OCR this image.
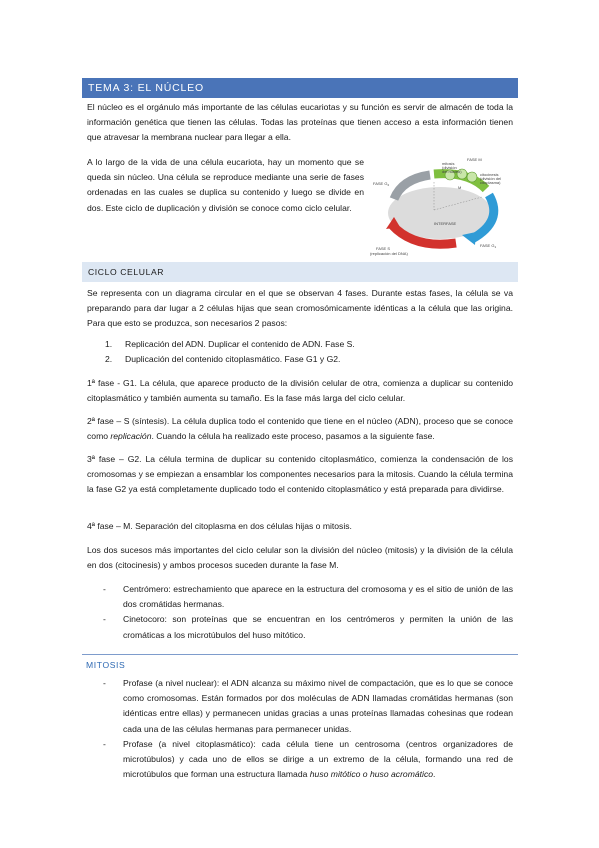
TEMA 3: EL NÚCLEO

El núcleo es el orgánulo más importante de las células eucariotas y su función es servir de almacén de toda la información genética que tienen las células. Todas las proteínas que tienen acceso a esta información tienen que atravesar la membrana nuclear para llegar a ella.

A lo largo de la vida de una célula eucariota, hay un momento que se queda sin núcleo. Una célula se reproduce mediante una serie de fases ordenadas en las cuales se duplica su contenido y luego se divide en dos. Este ciclo de duplicación y división se conoce como ciclo celular.

M
FASE M
mitosis
(división
del núcleo)
citocinesis
(división del
citoplasma)
FASE $G_2$
FASE $G_1$
INTERFASE
FASE S
(replicación del DNA)
CICLO CELULAR

Se representa con un diagrama circular en el que se observan 4 fases. Durante estas fases, la célula se va preparando para dar lugar a 2 células hijas que sean cromosómicamente idénticas a la célula que las origina. Para que esto se produzca, son necesarios 2 pasos:

1. Replicación del ADN. Duplicar el contenido de ADN. Fase S.
2. Duplicación del contenido citoplasmático. Fase G1 y G2.

1ª fase - G1. La célula, que aparece producto de la división celular de otra, comienza a duplicar su contenido citoplasmático y también aumenta su tamaño. Es la fase más larga del ciclo celular.

2ª fase – S (síntesis). La célula duplica todo el contenido que tiene en el núcleo (ADN), proceso que se conoce como replicación. Cuando la célula ha realizado este proceso, pasamos a la siguiente fase.

3ª fase – G2. La célula termina de duplicar su contenido citoplasmático, comienza la condensación de los cromosomas y se empiezan a ensamblar los componentes necesarios para la mitosis. Cuando la célula termina la fase G2 ya está completamente duplicado todo el contenido citoplasmático y está preparada para dividirse.

4ª fase – M. Separación del citoplasma en dos células hijas o mitosis.

Los dos sucesos más importantes del ciclo celular son la división del núcleo (mitosis) y la división de la célula en dos (citocinesis) y ambos procesos suceden durante la fase M.

- Centrómero: estrechamiento que aparece en la estructura del cromosoma y es el sitio de unión de las dos cromátidas hermanas.
- Cinetocoro: son proteínas que se encuentran en los centrómeros y permiten la unión de las cromáticas a los microtúbulos del huso mitótico.
MITOSIS
- Profase (a nivel nuclear): el ADN alcanza su máximo nivel de compactación, que es lo que se conoce como cromosomas. Están formados por dos moléculas de ADN llamadas cromátidas hermanas (son idénticas entre ellas) y permanecen unidas gracias a unas proteínas llamadas cohesinas que rodean cada una de las células hermanas para permanecer unidas.
- Profase (a nivel citoplasmático): cada célula tiene un centrosoma (centros organizadores de microtúbulos) y cada uno de ellos se dirige a un extremo de la célula, formando una red de microtúbulos que forman una estructura llamada huso mitótico o huso acromático.
